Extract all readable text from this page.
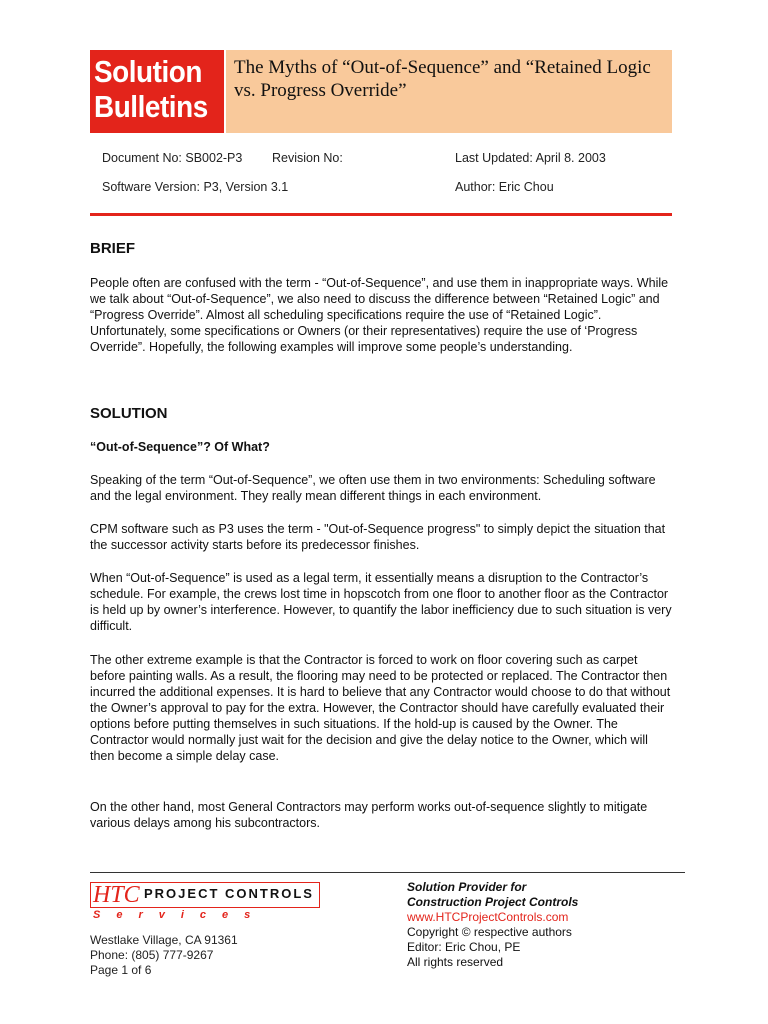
Solution
Bulletins
The Myths of “Out-of-Sequence” and “Retained Logic vs. Progress Override”
Document No: SB002-P3 Revision No:	Last Updated: April 8. 2003
Software Version: P3, Version 3.1	Author: Eric Chou
BRIEF

People often are confused with the term - “Out-of-Sequence”, and use them in inappropriate ways. While we talk about “Out-of-Sequence”, we also need to discuss the difference between “Retained Logic” and “Progress Override”. Almost all scheduling specifications require the use of “Retained Logic”. Unfortunately, some specifications or Owners (or their representatives) require the use of ‘Progress Override”. Hopefully, the following examples will improve some people’s understanding.

SOLUTION
“Out-of-Sequence”? Of What?

Speaking of the term “Out-of-Sequence”, we often use them in two environments: Scheduling software and the legal environment. They really mean different things in each environment.

CPM software such as P3 uses the term - "Out-of-Sequence progress" to simply depict the situation that the successor activity starts before its predecessor finishes.

When “Out-of-Sequence” is used as a legal term, it essentially means a disruption to the Contractor’s schedule. For example, the crews lost time in hopscotch from one floor to another floor as the Contractor is held up by owner’s interference. However, to quantify the labor inefficiency due to such situation is very difficult.

The other extreme example is that the Contractor is forced to work on floor covering such as carpet before painting walls. As a result, the flooring may need to be protected or replaced. The Contractor then incurred the additional expenses. It is hard to believe that any Contractor would choose to do that without the Owner’s approval to pay for the extra. However, the Contractor should have carefully evaluated their options before putting themselves in such situations. If the hold-up is caused by the Owner. The Contractor would normally just wait for the decision and give the delay notice to the Owner, which will then become a simple delay case.

On the other hand, most General Contractors may perform works out-of-sequence slightly to mitigate various delays among his subcontractors.

HTC PROJECT CONTROLS
Services
Westlake Village, CA 91361
Phone: (805) 777-9267
Page 1 of 6
Solution Provider for
Construction Project Controls
www.HTCProjectControls.com
Copyright © respective authors
Editor: Eric Chou, PE
All rights reserved
